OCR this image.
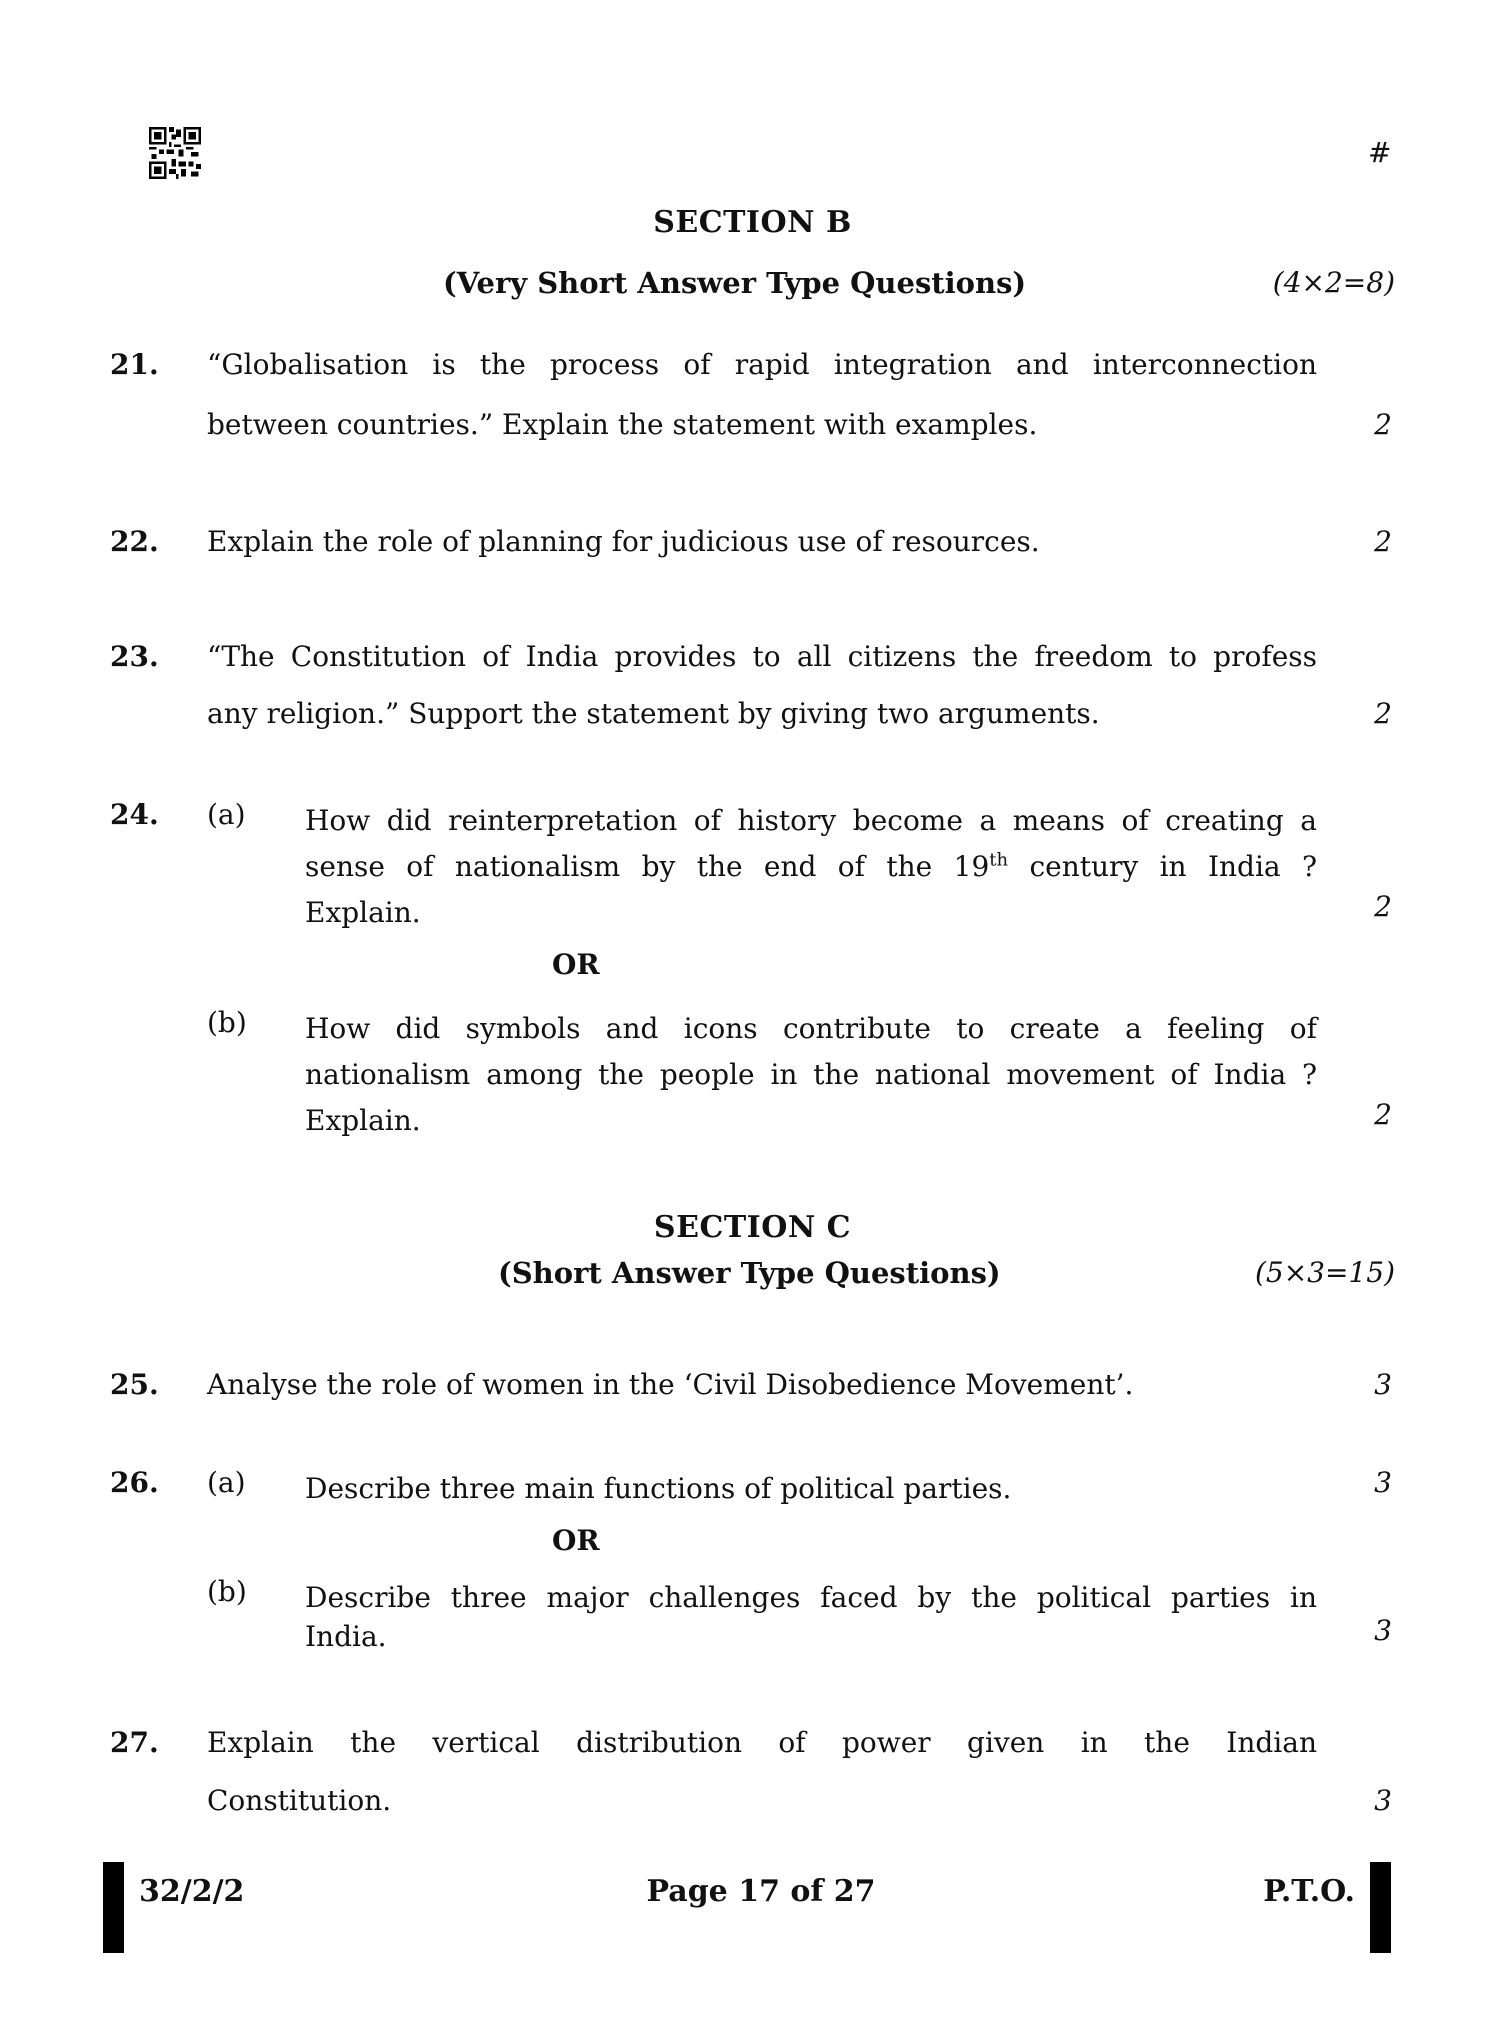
#
SECTION B
(Very Short Answer Type Questions)	(4×2=8)
21. “Globalisation is the process of rapid integration and interconnection
between countries.” Explain the statement with examples.	2
22. Explain the role of planning for judicious use of resources.	2
23. “The Constitution of India provides to all citizens the freedom to profess
any religion.” Support the statement by giving two arguments.	2
24. (a) How did reinterpretation of history become a means of creating a
sense of nationalism by the end of the 19th century in India ?
Explain.	2
OR
(b) How did symbols and icons contribute to create a feeling of
nationalism among the people in the national movement of India ?
Explain.	2
SECTION C
(Short Answer Type Questions)	(5×3=15)
25. Analyse the role of women in the ‘Civil Disobedience Movement’.	3
26. (a) Describe three main functions of political parties.	3
OR
(b) Describe three major challenges faced by the political parties in
India.	3
27. Explain the vertical distribution of power given in the Indian
Constitution.	3
32/2/2	Page 17 of 27	P.T.O.
